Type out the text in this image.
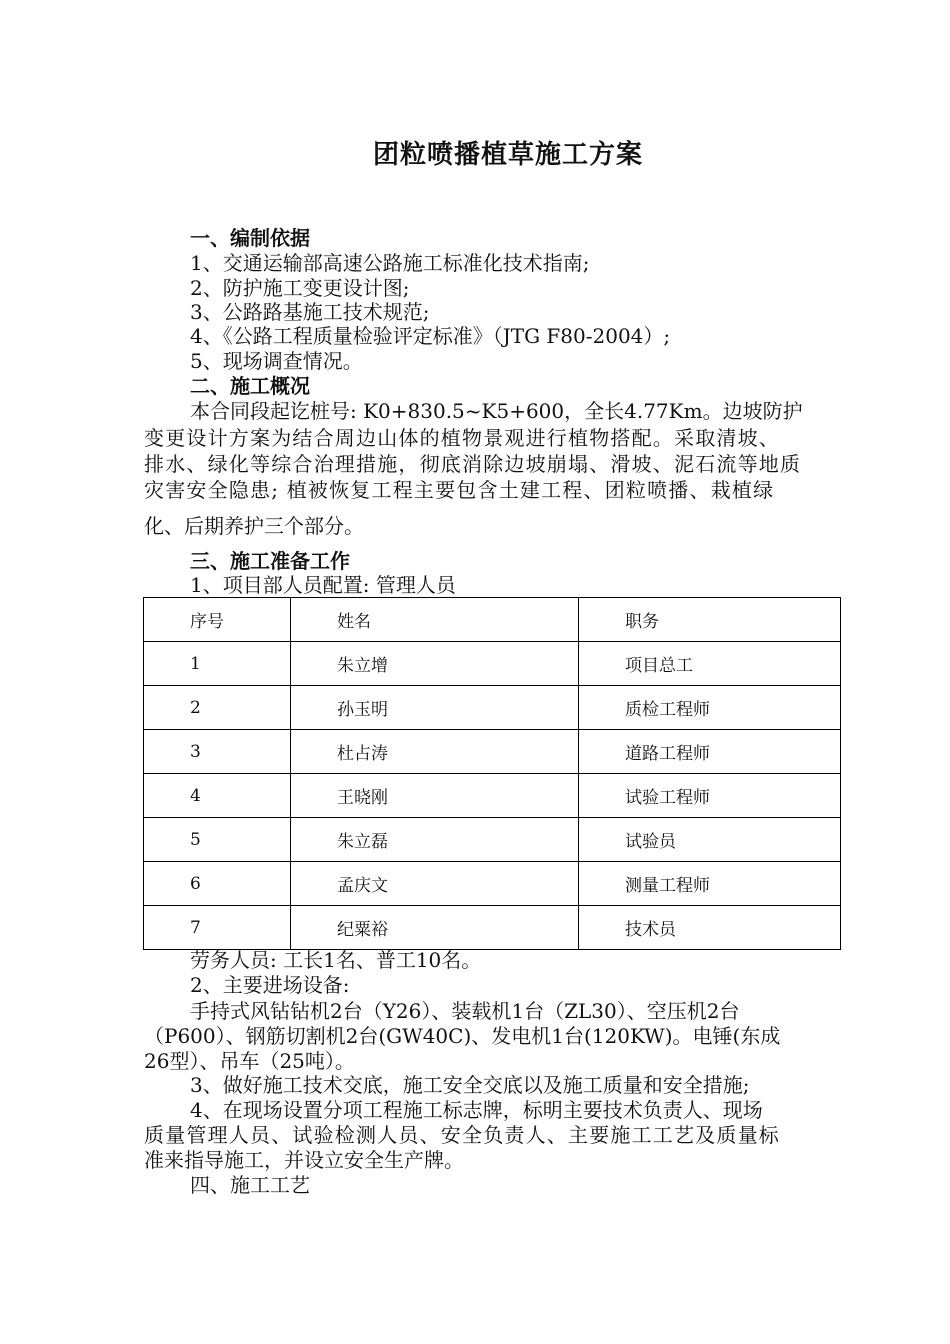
团粒喷播植草施工方案
一、编制依据
1、交通运输部高速公路施工标准化技术指南;
2、防护施工变更设计图;
3、公路路基施工技术规范;
4、《公路工程质量检验评定标准》（JTG F80-2004）;
5、现场调查情况。
二、施工概况
本合同段起讫桩号: K0+830.5~K5+600，全长4.77Km。边坡防护
变更设计方案为结合周边山体的植物景观进行植物搭配。采取清坡、
排水、绿化等综合治理措施，彻底消除边坡崩塌、滑坡、泥石流等地质
灾害安全隐患; 植被恢复工程主要包含土建工程、团粒喷播、栽植绿
化、后期养护三个部分。
三、施工准备工作
1、项目部人员配置: 管理人员
序号	姓名	职务
1	朱立增	项目总工
2	孙玉明	质检工程师
3	杜占涛	道路工程师
4	王晓刚	试验工程师
5	朱立磊	试验员
6	孟庆文	测量工程师
7	纪粟裕	技术员
劳务人员: 工长1名、普工10名。
2、主要进场设备:
手持式风钻钻机2台（Y26）、装载机1台（ZL30）、空压机2台
（P600）、钢筋切割机2台(GW40C)、发电机1台(120KW)。电锤(东成
26型）、吊车（25吨）。
3、做好施工技术交底，施工安全交底以及施工质量和安全措施;
4、在现场设置分项工程施工标志牌，标明主要技术负责人、现场
质量管理人员、试验检测人员、安全负责人、主要施工工艺及质量标
准来指导施工，并设立安全生产牌。
四、施工工艺
